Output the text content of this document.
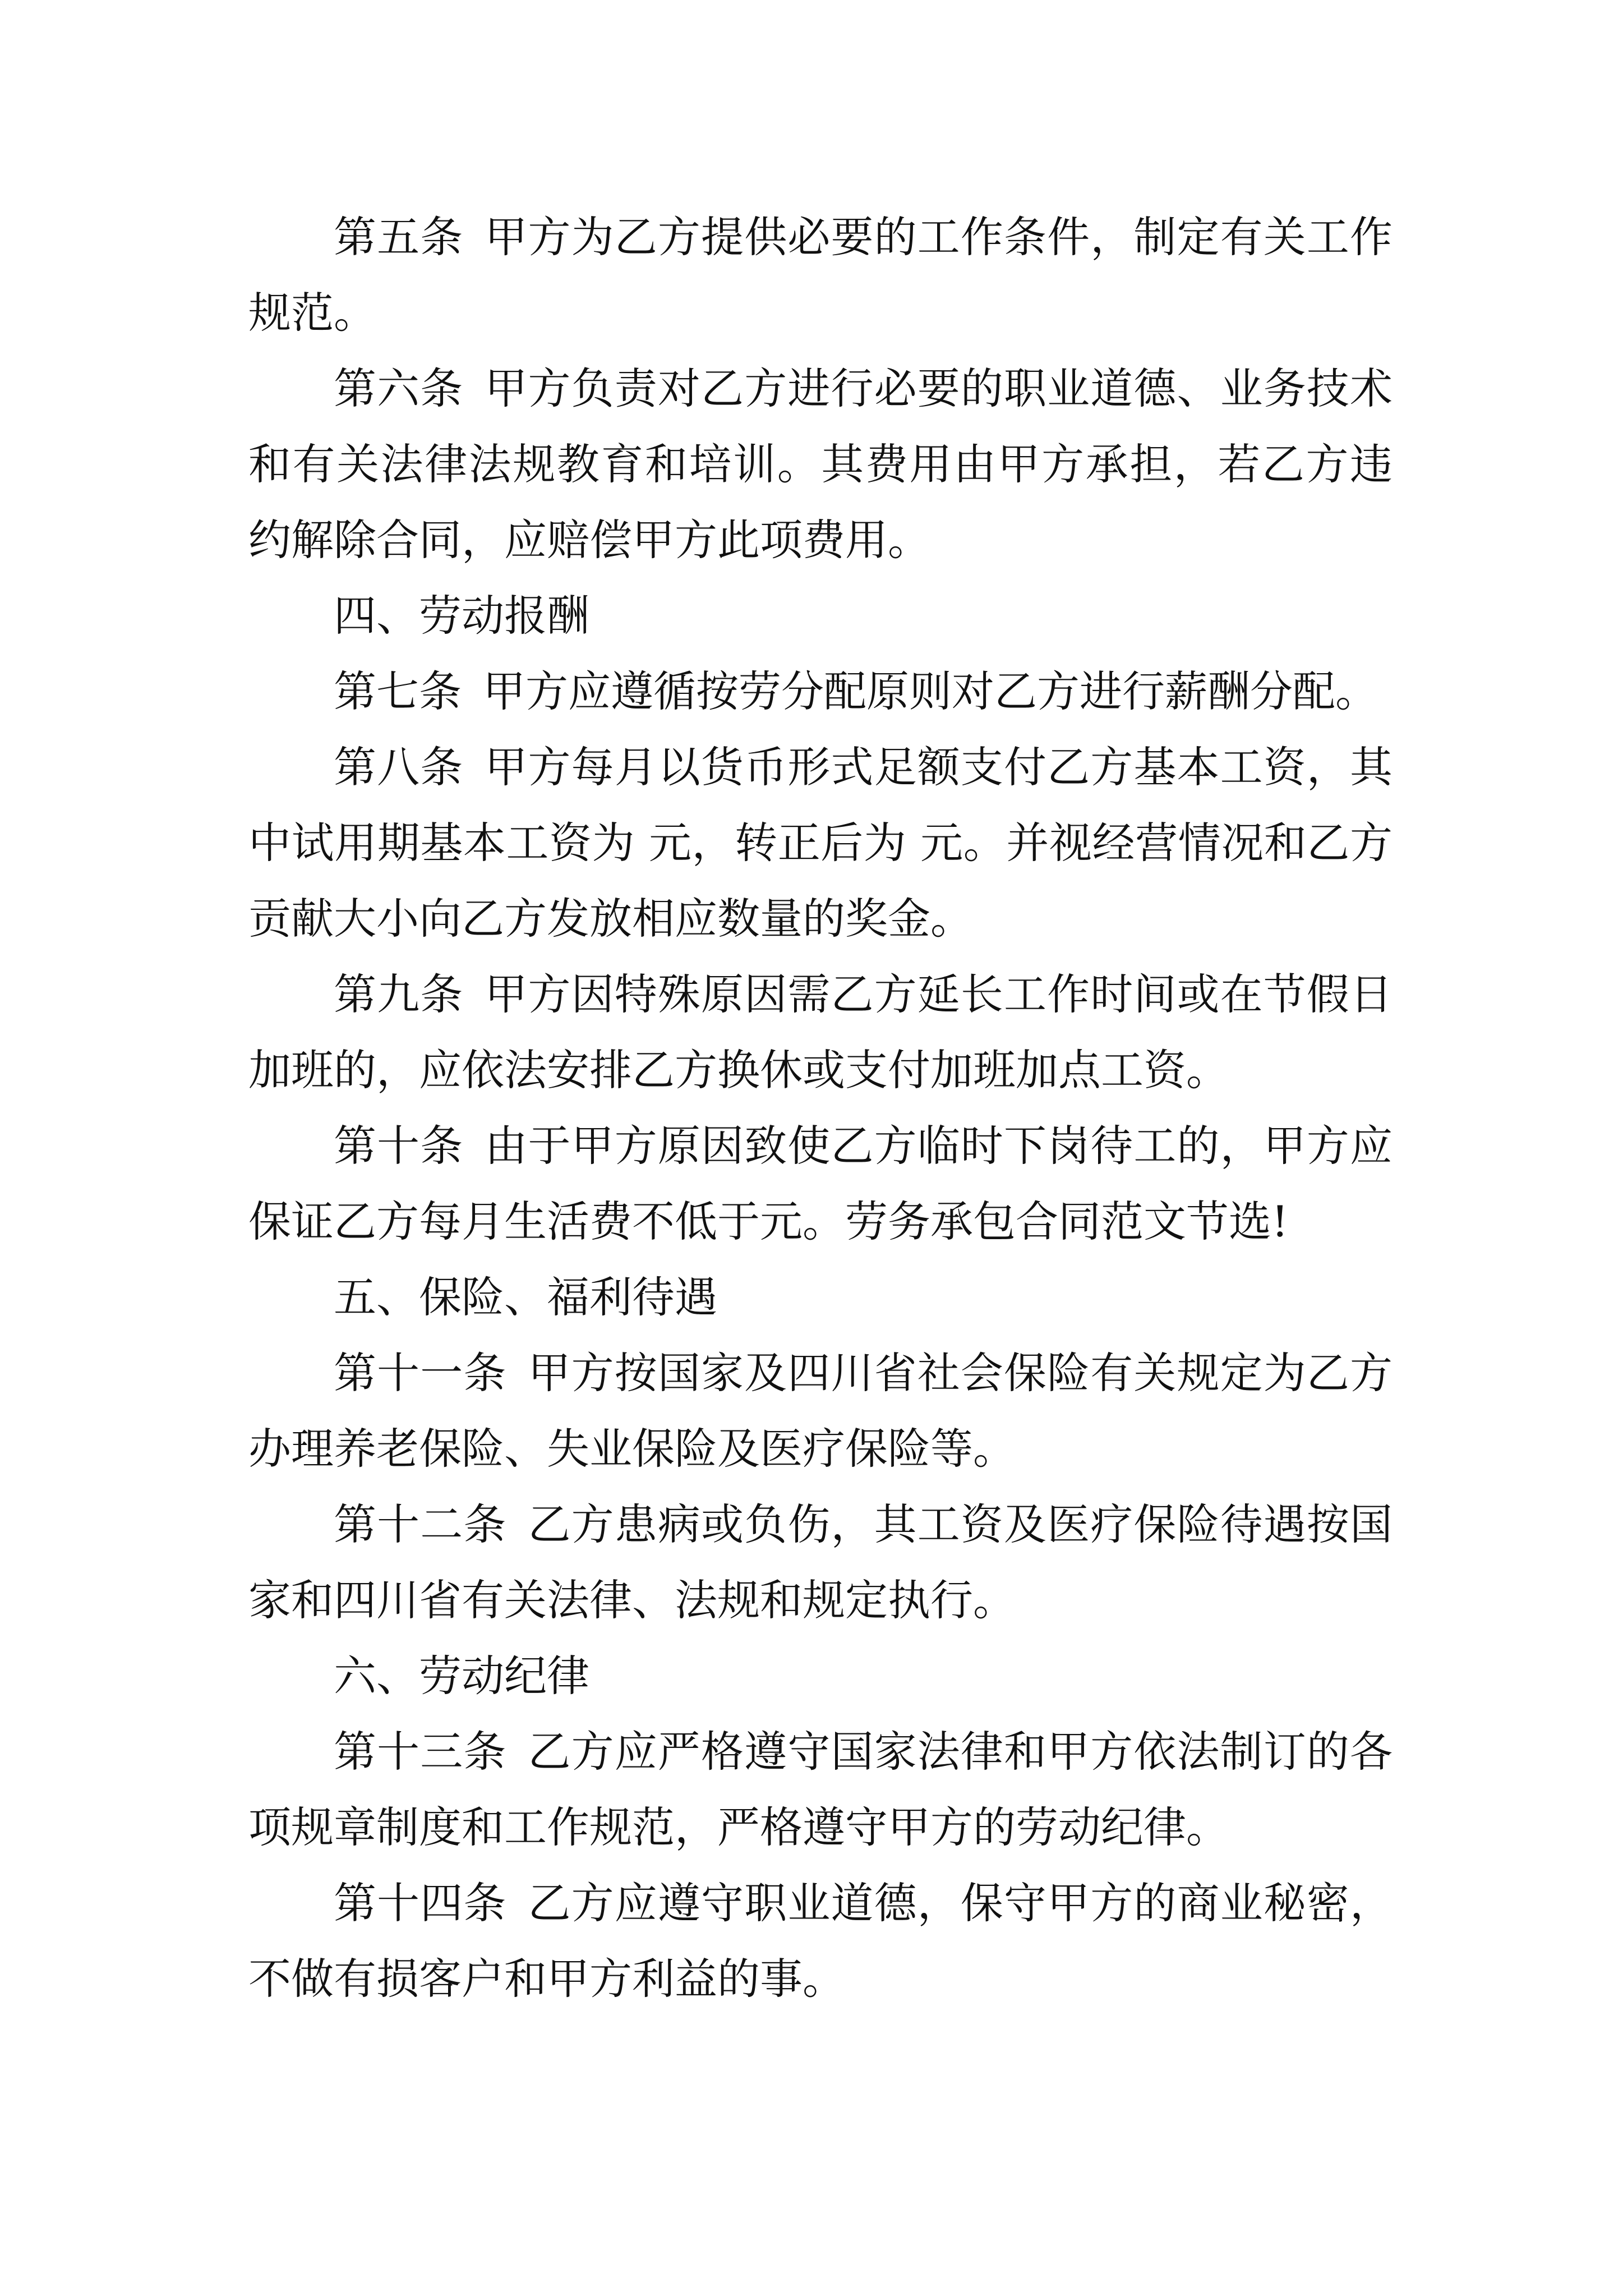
第五条 甲方为乙方提供必要的工作条件，制定有关工作规范。

第六条 甲方负责对乙方进行必要的职业道德、业务技术和有关法律法规教育和培训。其费用由甲方承担，若乙方违约解除合同，应赔偿甲方此项费用。

四、劳动报酬

第七条 甲方应遵循按劳分配原则对乙方进行薪酬分配。

第八条 甲方每月以货币形式足额支付乙方基本工资，其中试用期基本工资为 元，转正后为 元。并视经营情况和乙方贡献大小向乙方发放相应数量的奖金。

第九条 甲方因特殊原因需乙方延长工作时间或在节假日加班的，应依法安排乙方换休或支付加班加点工资。

第十条 由于甲方原因致使乙方临时下岗待工的，甲方应保证乙方每月生活费不低于元。劳务承包合同范文节选!

五、保险、福利待遇

第十一条 甲方按国家及四川省社会保险有关规定为乙方办理养老保险、失业保险及医疗保险等。

第十二条 乙方患病或负伤，其工资及医疗保险待遇按国家和四川省有关法律、法规和规定执行。

六、劳动纪律

第十三条 乙方应严格遵守国家法律和甲方依法制订的各项规章制度和工作规范，严格遵守甲方的劳动纪律。

第十四条 乙方应遵守职业道德，保守甲方的商业秘密，不做有损客户和甲方利益的事。
